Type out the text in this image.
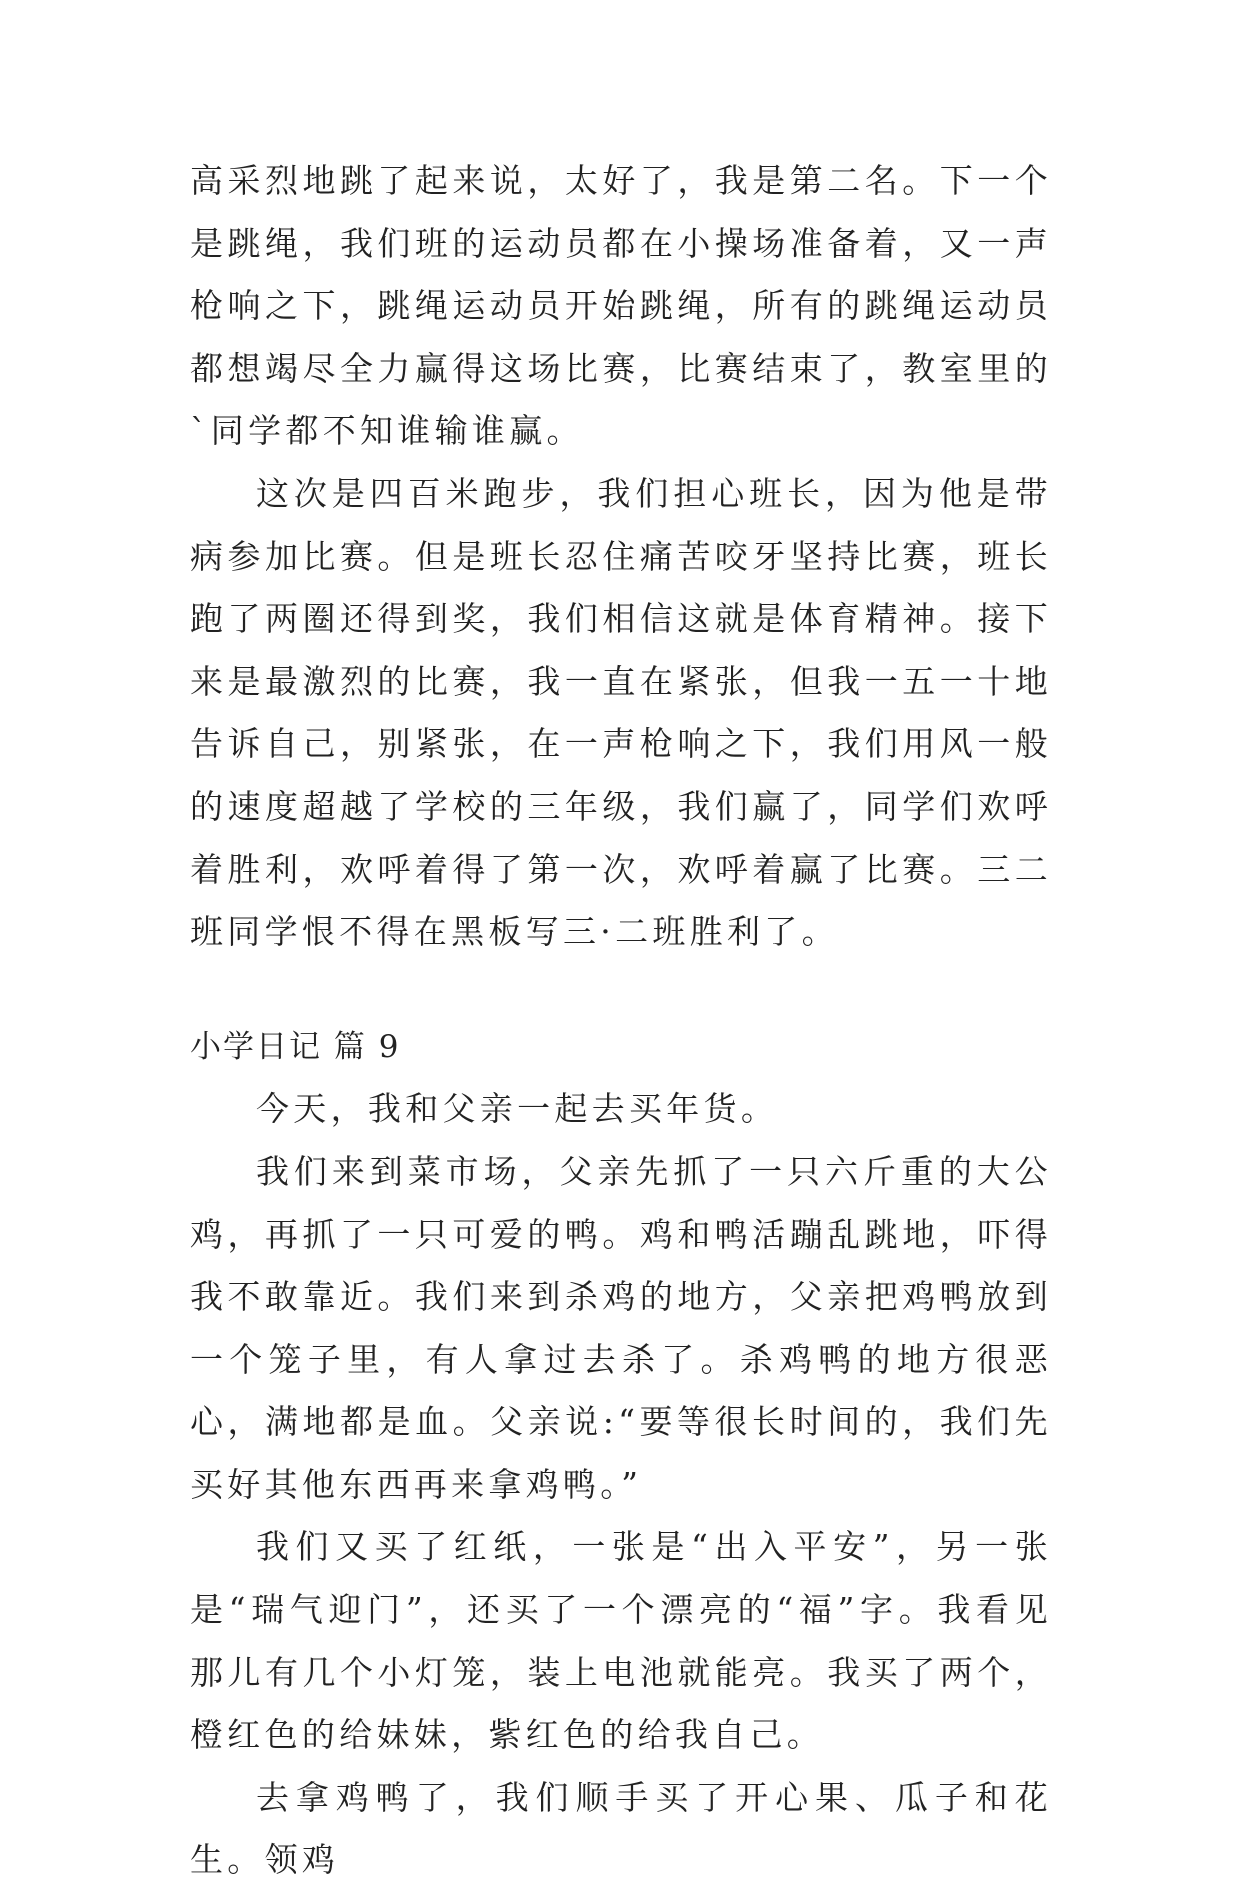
高采烈地跳了起来说，太好了，我是第二名。下一个是跳绳，我们班的运动员都在小操场准备着，又一声枪响之下，跳绳运动员开始跳绳，所有的跳绳运动员都想竭尽全力赢得这场比赛，比赛结束了，教室里的`同学都不知谁输谁赢。

这次是四百米跑步，我们担心班长，因为他是带病参加比赛。但是班长忍住痛苦咬牙坚持比赛，班长跑了两圈还得到奖，我们相信这就是体育精神。接下来是最激烈的比赛，我一直在紧张，但我一五一十地告诉自己，别紧张，在一声枪响之下，我们用风一般的速度超越了学校的三年级，我们赢了，同学们欢呼着胜利，欢呼着得了第一次，欢呼着赢了比赛。三二班同学恨不得在黑板写三·二班胜利了。

小学日记 篇 9

今天，我和父亲一起去买年货。

我们来到菜市场，父亲先抓了一只六斤重的大公鸡，再抓了一只可爱的鸭。鸡和鸭活蹦乱跳地，吓得我不敢靠近。我们来到杀鸡的地方，父亲把鸡鸭放到一个笼子里，有人拿过去杀了。杀鸡鸭的地方很恶心，满地都是血。父亲说:“要等很长时间的，我们先买好其他东西再来拿鸡鸭。”

我们又买了红纸，一张是“出入平安”，另一张是“瑞气迎门”，还买了一个漂亮的“福”字。我看见那儿有几个小灯笼，装上电池就能亮。我买了两个，橙红色的给妹妹，紫红色的给我自己。

去拿鸡鸭了，我们顺手买了开心果、瓜子和花生。领鸡
